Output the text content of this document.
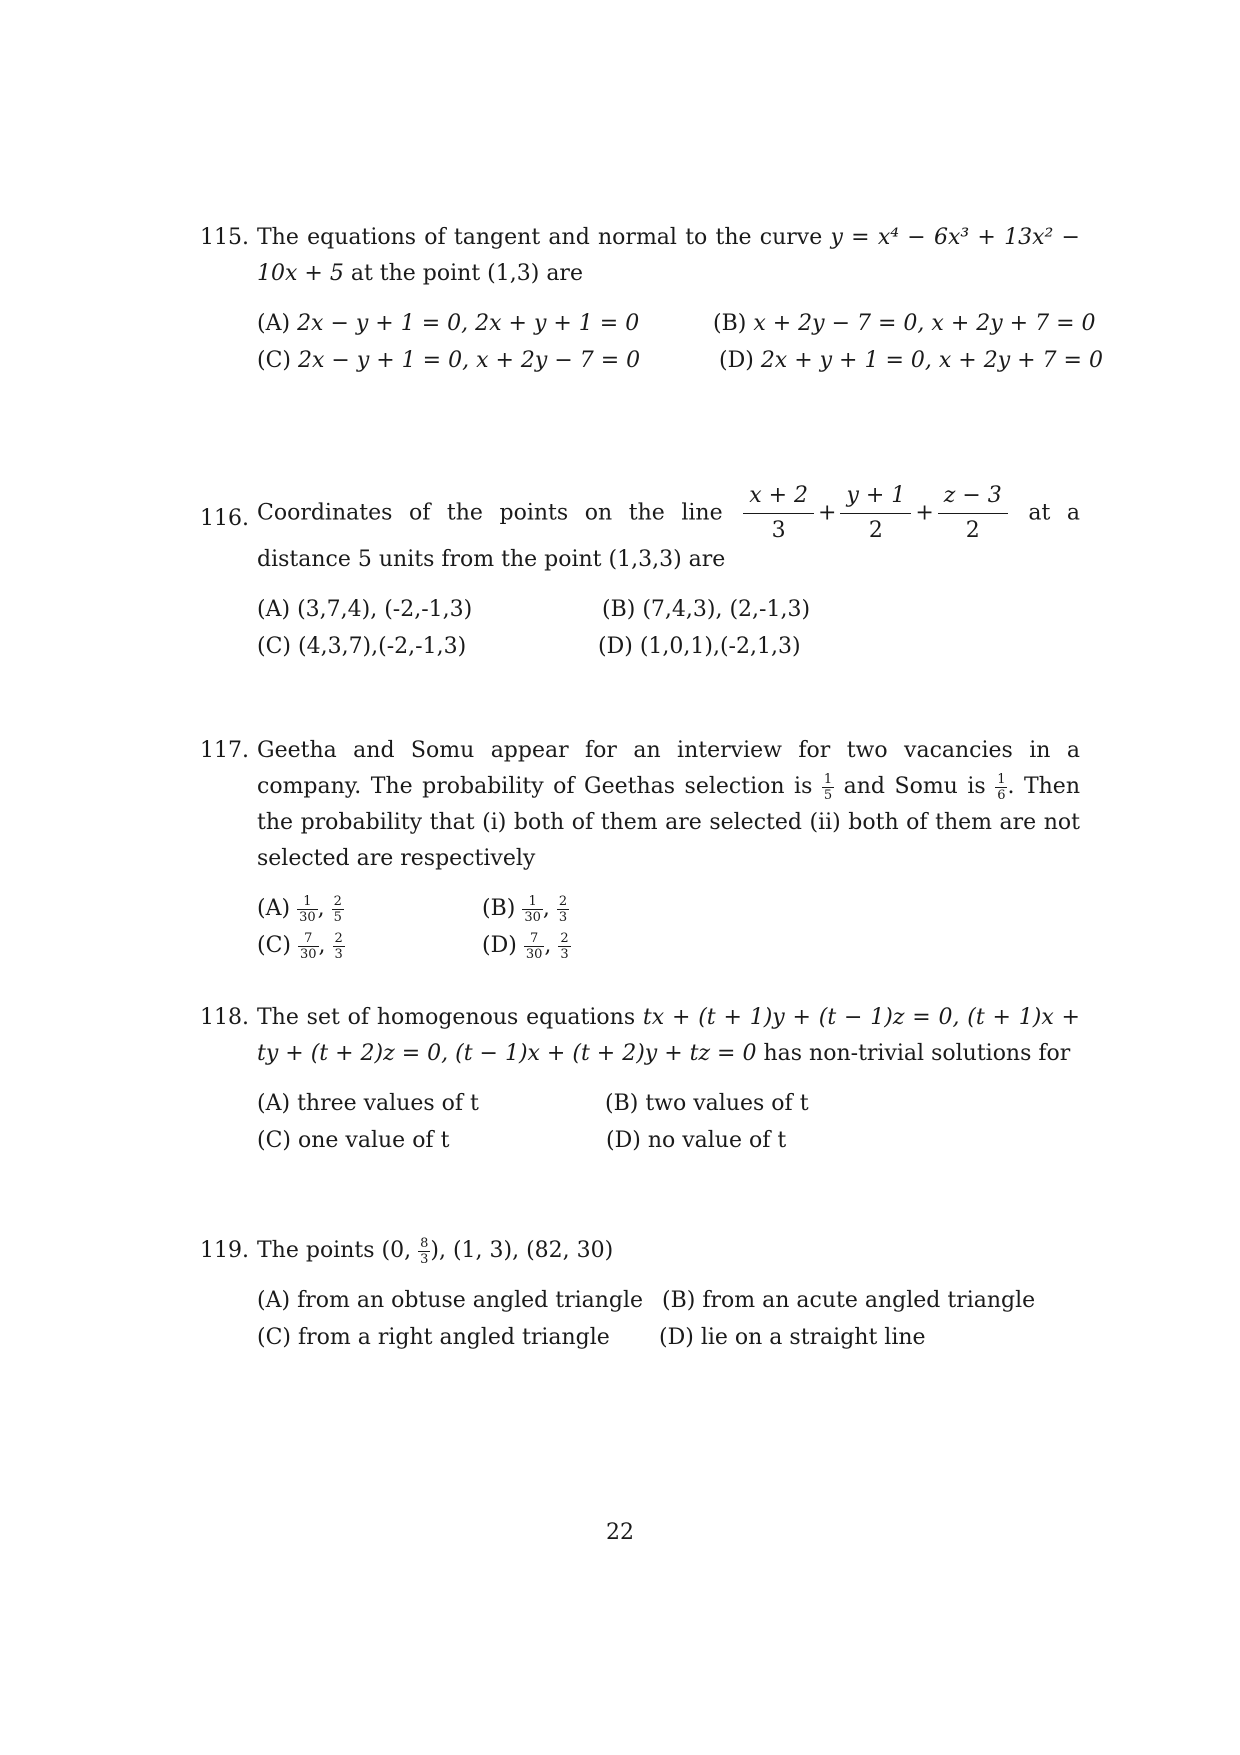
115. The equations of tangent and normal to the curve y = x⁴ − 6x³ + 13x² − 10x + 5 at the point (1,3) are
(A) 2x − y + 1 = 0, 2x + y + 1 = 0	(B) x + 2y − 7 = 0, x + 2y + 7 = 0
(C) 2x − y + 1 = 0, x + 2y − 7 = 0	(D) 2x + y + 1 = 0, x + 2y + 7 = 0
116. Coordinates of the points on the line $\frac{x + 2}{3} + \frac{y + 1}{2} + \frac{z - 3}{2}$ at a distance 5 units from the point (1,3,3) are
(A) (3,7,4), (-2,-1,3)	(B) (7,4,3), (2,-1,3)
(C) (4,3,7),(-2,-1,3)	(D) (1,0,1),(-2,1,3)
117. Geetha and Somu appear for an interview for two vacancies in a company. The probability of Geethas selection is $\frac{1}{5}$ and Somu is $\frac{1}{6}$ . Then the probability that (i) both of them are selected (ii) both of them are not selected are respectively
$(A) \frac{1}{30}$ , $\frac{2}{5}$	$(B) \frac{1}{30}$ , $\frac{2}{3}$
$(C) \frac{7}{30}$ , $\frac{2}{3}$	$(D) \frac{7}{30}$ , $\frac{2}{3}$
118. The set of homogenous equations tx + (t + 1)y + (t − 1)z = 0, (t + 1)x + ty + (t + 2)z = 0, (t − 1)x + (t + 2)y + tz = 0 has non-trivial solutions for
(A) three values of t	(B) two values of t
(C) one value of t	(D) no value of t
119. The points (0, $\frac{8}{3}$ ), (1, 3), (82, 30)
(A) from an obtuse angled triangle (B) from an acute angled triangle
(C) from a right angled triangle (D) lie on a straight line
22
